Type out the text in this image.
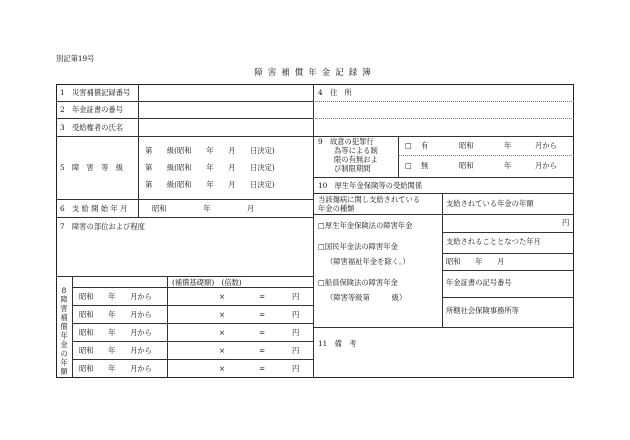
別記第19号
障害補償年金記録簿
1　災害補償記録番号
2　年金証書の番号
3　受給権者の氏名
5　障　害　等　級
第　　級(昭和　　年　　月　　日決定)
第　　級(昭和　　年　　月　　日決定)
第　　級(昭和　　年　　月　　日決定)
6　支 給 開 始 年 月	昭和　　　　　年　　　　　月
7　障害の部位および程度
8障害補償年金の年額
(補償基礎額)　(倍数)
昭和　　年　　月から	×	=	円
昭和　　年　　月から	×	=	円
昭和　　年　　月から	×	=	円
昭和　　年　　月から	×	=	円
昭和　　年　　月から	×	=	円
4　住　所
9　故意の犯罪行
為等による制
限の有無およ
び制限期間
□ 有	昭和	年	月から
□ 無	昭和	年	月から
10　厚生年金保険等の受給関係
当該傷病に関し支給されている
年金の種類
支給されている年金の年額
円
支給されることとなつた年月
昭和　　年　　月
年金証書の記号番号
所轄社会保険事務所等
□厚生年金保険法の障害年金
□国民年金法の障害年金
（障害福祉年金を除く。）
□船員保険法の障害年金
（障害等級第　　　級）
11　備　考
